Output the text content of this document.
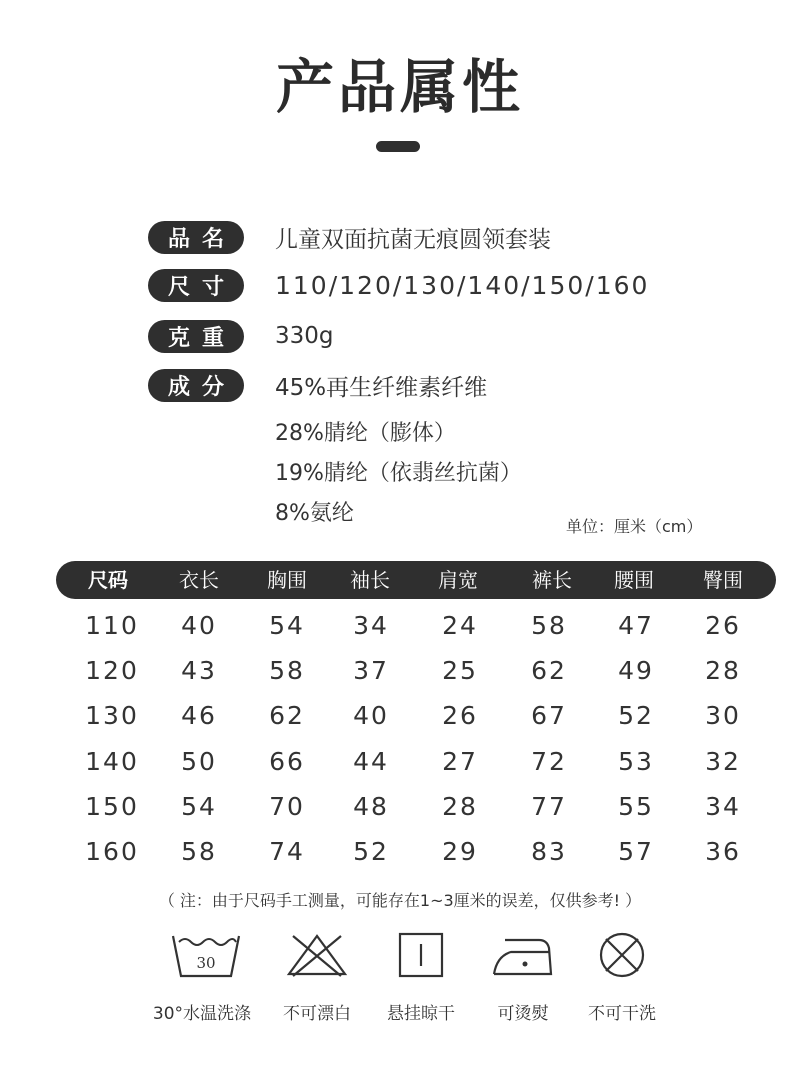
产品属性
品名	儿童双面抗菌无痕圆领套装
尺寸	110/120/130/140/150/160
克重	330g
成分	45%再生纤维素纤维
28%腈纶（膨体）
19%腈纶（依翡丝抗菌）
8%氨纶
单位：厘米（cm）
尺码	衣长 胸围 袖长 肩宽	裤长 腰围 臀围
110 40 54 34 24 58 47 26
120 43 58 37 25 62 49 28
130 46 62 40 26 67 52 30
140 50 66 44 27 72 53 32
150 54 70 48 28 77 55 34
160 58 74 52 29 83 57 36
（ 注：由于尺码手工测量，可能存在1~3厘米的误差，仅供参考! ）
30
30°水温洗涤 不可漂白 悬挂晾干	可烫熨 不可干洗
